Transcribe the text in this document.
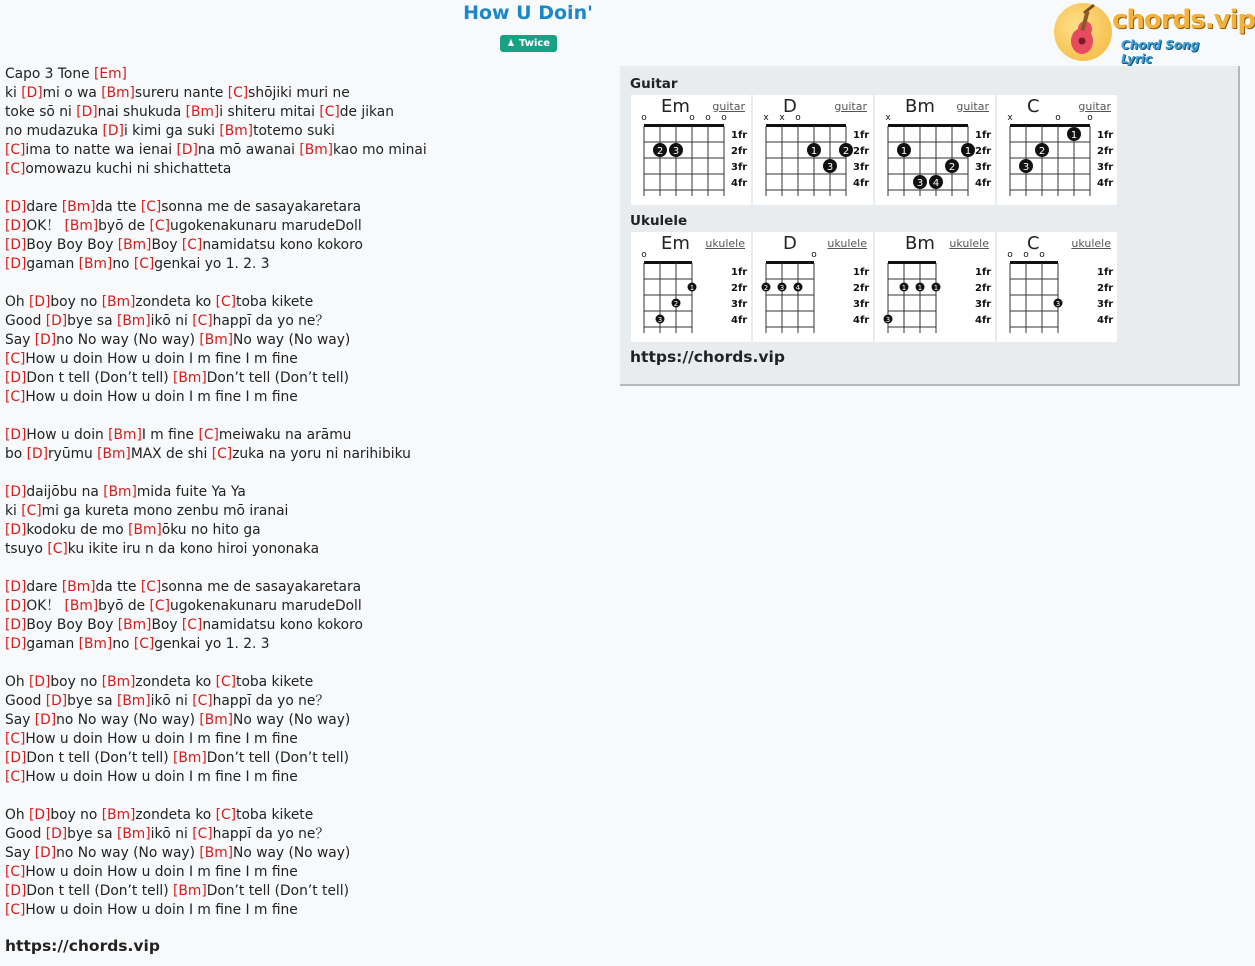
How U Doin'
♟ Twice
chords.vip
Chord Song Lyric
Capo 3 Tone [Em]
ki [D]mi o wa [Bm]sureru nante [C]shōjiki muri ne
toke sō ni [D]nai shukuda [Bm]i shiteru mitai [C]de jikan
no mudazuka [D]i kimi ga suki [Bm]totemo suki
[C]ima to natte wa ienai [D]na mō awanai [Bm]kao mo minai
[C]omowazu kuchi ni shichatteta
[D]dare [Bm]da tte [C]sonna me de sasayakaretara
[D]OK！ [Bm]byō de [C]ugokenakunaru marudeDoll
[D]Boy Boy Boy [Bm]Boy [C]namidatsu kono kokoro
[D]gaman [Bm]no [C]genkai yo 1. 2. 3
Oh [D]boy no [Bm]zondeta ko [C]toba kikete
Good [D]bye sa [Bm]ikō ni [C]happī da yo ne？
Say [D]no No way (No way) [Bm]No way (No way)
[C]How u doin How u doin I m fine I m fine
[D]Don t tell (Don’t tell) [Bm]Don’t tell (Don’t tell)
[C]How u doin How u doin I m fine I m fine
[D]How u doin [Bm]I m fine [C]meiwaku na arāmu
bo [D]ryūmu [Bm]MAX de shi [C]zuka na yoru ni narihibiku
[D]daijōbu na [Bm]mida fuite Ya Ya
ki [C]mi ga kureta mono zenbu mō iranai
[D]kodoku de mo [Bm]ōku no hito ga
tsuyo [C]ku ikite iru n da kono hiroi yononaka
[D]dare [Bm]da tte [C]sonna me de sasayakaretara
[D]OK！ [Bm]byō de [C]ugokenakunaru marudeDoll
[D]Boy Boy Boy [Bm]Boy [C]namidatsu kono kokoro
[D]gaman [Bm]no [C]genkai yo 1. 2. 3
Oh [D]boy no [Bm]zondeta ko [C]toba kikete
Good [D]bye sa [Bm]ikō ni [C]happī da yo ne？
Say [D]no No way (No way) [Bm]No way (No way)
[C]How u doin How u doin I m fine I m fine
[D]Don t tell (Don’t tell) [Bm]Don’t tell (Don’t tell)
[C]How u doin How u doin I m fine I m fine
Oh [D]boy no [Bm]zondeta ko [C]toba kikete
Good [D]bye sa [Bm]ikō ni [C]happī da yo ne？
Say [D]no No way (No way) [Bm]No way (No way)
[C]How u doin How u doin I m fine I m fine
[D]Don t tell (Don’t tell) [Bm]Don’t tell (Don’t tell)
[C]How u doin How u doin I m fine I m fine
https://chords.vip
Guitar
o	o o o
1fr
2fr
3fr
4fr
2 3
Em guitar
x x o
1fr
2fr
3fr
4fr
1	2
3
D	guitar
x
1fr
2fr
3fr
4fr
1	1
2
3 4
Bm guitar
x	o	o
1fr
2fr
3fr
4fr
1
2
3
C	guitar
Ukulele
o
1fr
2fr
3fr
4fr
1
2
3
Em ukulele
o
1fr
2fr
3fr
4fr
2 3 4
D	ukulele
1fr
2fr
3fr
4fr
1 1 1
3
Bm ukulele
o o o
1fr
2fr
3fr
4fr
3
C	ukulele
https://chords.vip
